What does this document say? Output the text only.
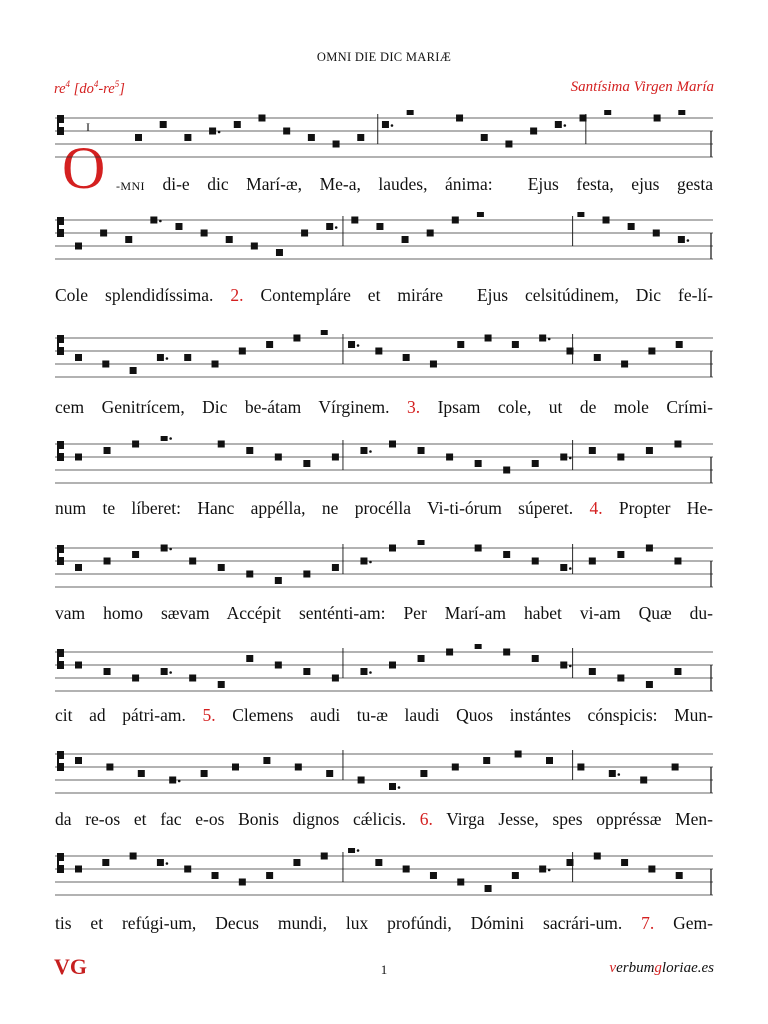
OMNI DIE DIC MARIÆ
$re^4$ $[do^4-re^5]$	Santísima Virgen María
I
O -MNI di-e dic Marí-æ, Me-a, laudes, ánima:  Ejus festa, ejus gesta
Cole splendidíssima. 2. Contempláre et miráre  Ejus celsitúdinem, Dic fe-lí-
cem Genitrícem, Dic be-átam Vírginem. 3. Ipsam cole, ut de mole Crími-
num te líberet: Hanc appélla, ne procélla Vi-ti-órum súperet. 4. Propter He-
vam homo sævam Accépit senténti-am: Per Marí-am habet vi-am Quæ du-
cit ad pátri-am. 5. Clemens audi tu-æ laudi Quos instántes cónspicis: Mun-
da re-os et fac e-os Bonis dignos cǽlicis. 6. Virga Jesse, spes oppréssæ Men-
tis et refúgi-um, Decus mundi, lux profúndi, Dómini sacrári-um. 7. Gem-
VG	1	verbumgloriae.es
